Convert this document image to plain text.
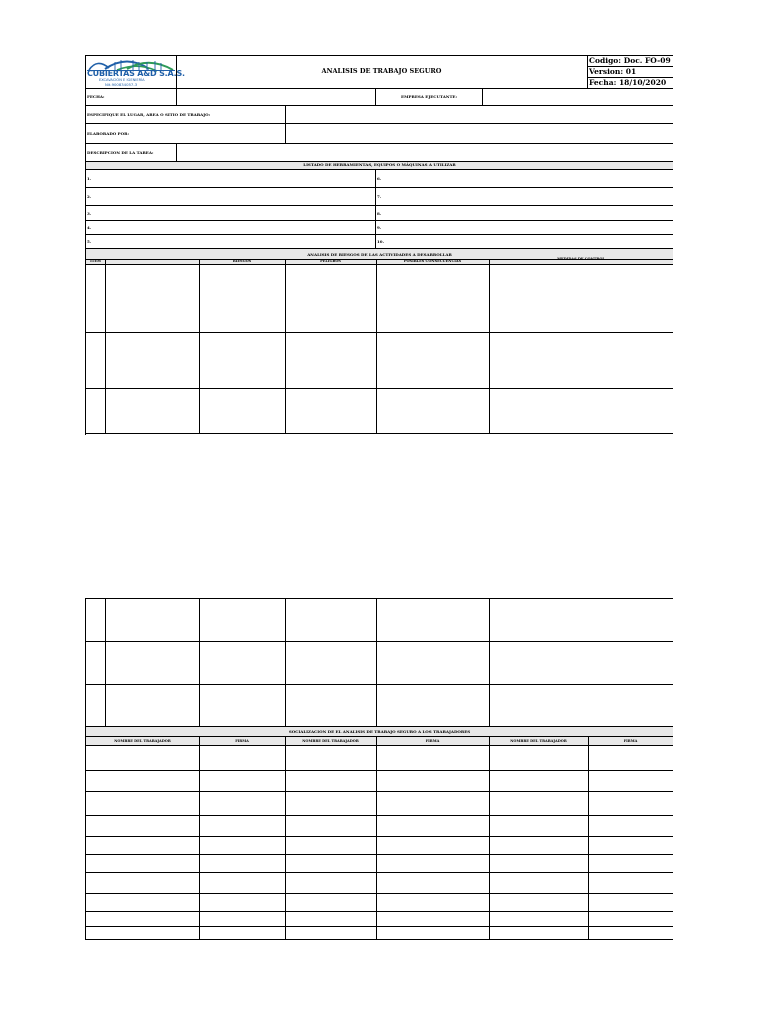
CUBIERTAS A&D S.A.S.
EXCAVACIÓN E IGENIERÍA
Nit.900834057-3
ANALISIS DE TRABAJO SEGURO
Codigo: Doc. FO-09
Version: 01
Fecha: 18/10/2020
FECHA:	EMPRESA EJECUTANTE:
ESPECIFIQUE EL LUGAR, AREA O SITIO DE TRABAJO:
ELABORADO POR:
DESCRIPCION DE LA TAREA:
LISTADO DE HERRAMIENTAS, EQUIPOS O MÁQUINAS A UTILIZAR
1.
2.
3.
4.
5.
6.
7.
8.
9.
10.
ANALISIS DE RIESGOS DE LAS ACTIVIDADES A DESARROLLAR
ITEM	RIESGOS	PELIGROS	POSIBLES CONSECUENCIAS	MEDIDAS DE CONTROL
SOCIALIZACION DE EL ANALISIS DE TRABAJO SEGURO A LOS TRABAJADORES
NOMBRE DEL TRABAJADOR	FIRMA	NOMBRE DEL TRABAJADOR	FIRMA	NOMBRE DEL TRABAJADOR	FIRMA
